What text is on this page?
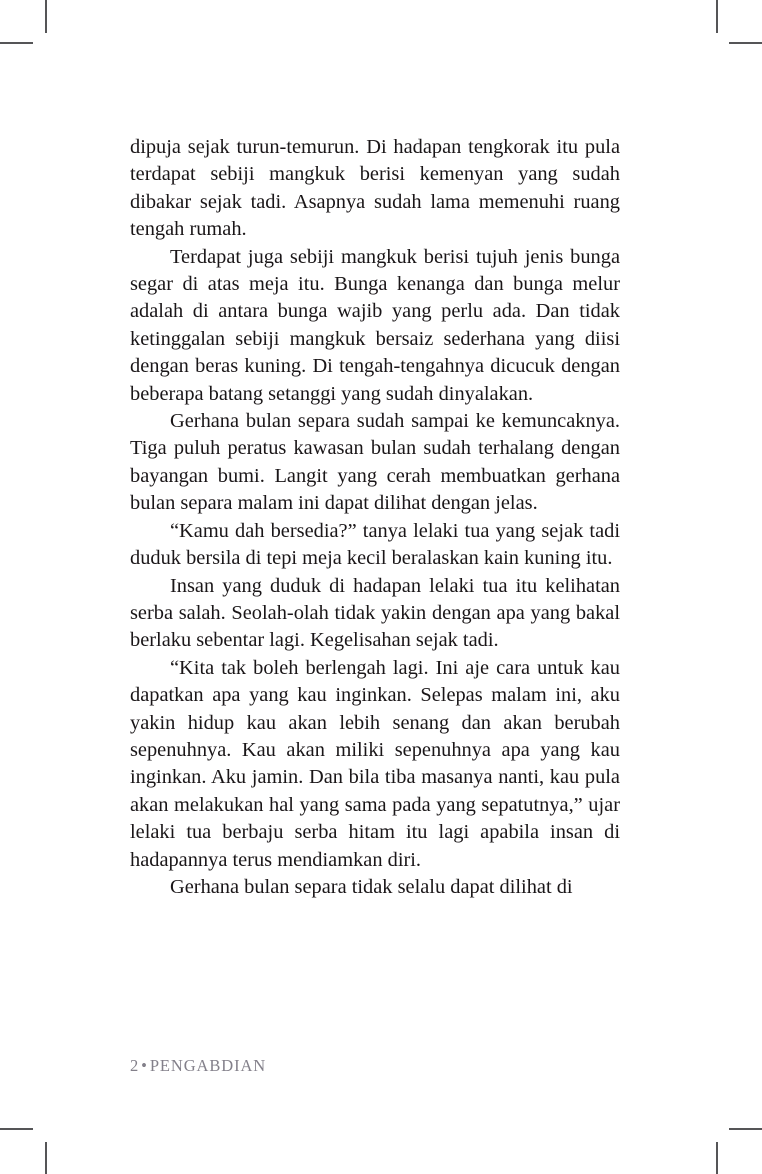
dipuja sejak turun-temurun. Di hadapan tengkorak itu pula terdapat sebiji mangkuk berisi kemenyan yang sudah dibakar sejak tadi. Asapnya sudah lama memenuhi ruang tengah rumah.

Terdapat juga sebiji mangkuk berisi tujuh jenis bunga segar di atas meja itu. Bunga kenanga dan bunga melur adalah di antara bunga wajib yang perlu ada. Dan tidak ketinggalan sebiji mangkuk bersaiz sederhana yang diisi dengan beras kuning. Di tengah-tengahnya dicucuk dengan beberapa batang setanggi yang sudah dinyalakan.

Gerhana bulan separa sudah sampai ke kemuncaknya. Tiga puluh peratus kawasan bulan sudah terhalang dengan bayangan bumi. Langit yang cerah membuatkan gerhana bulan separa malam ini dapat dilihat dengan jelas.

“Kamu dah bersedia?” tanya lelaki tua yang sejak tadi duduk bersila di tepi meja kecil beralaskan kain kuning itu.

Insan yang duduk di hadapan lelaki tua itu kelihatan serba salah. Seolah-olah tidak yakin dengan apa yang bakal berlaku sebentar lagi. Kegelisahan sejak tadi.

“Kita tak boleh berlengah lagi. Ini aje cara untuk kau dapatkan apa yang kau inginkan. Selepas malam ini, aku yakin hidup kau akan lebih senang dan akan berubah sepenuhnya. Kau akan miliki sepenuhnya apa yang kau inginkan. Aku jamin. Dan bila tiba masanya nanti, kau pula akan melakukan hal yang sama pada yang sepatutnya,” ujar lelaki tua berbaju serba hitam itu lagi apabila insan di hadapannya terus mendiamkan diri.

Gerhana bulan separa tidak selalu dapat dilihat di

2 • PENGABDIAN
